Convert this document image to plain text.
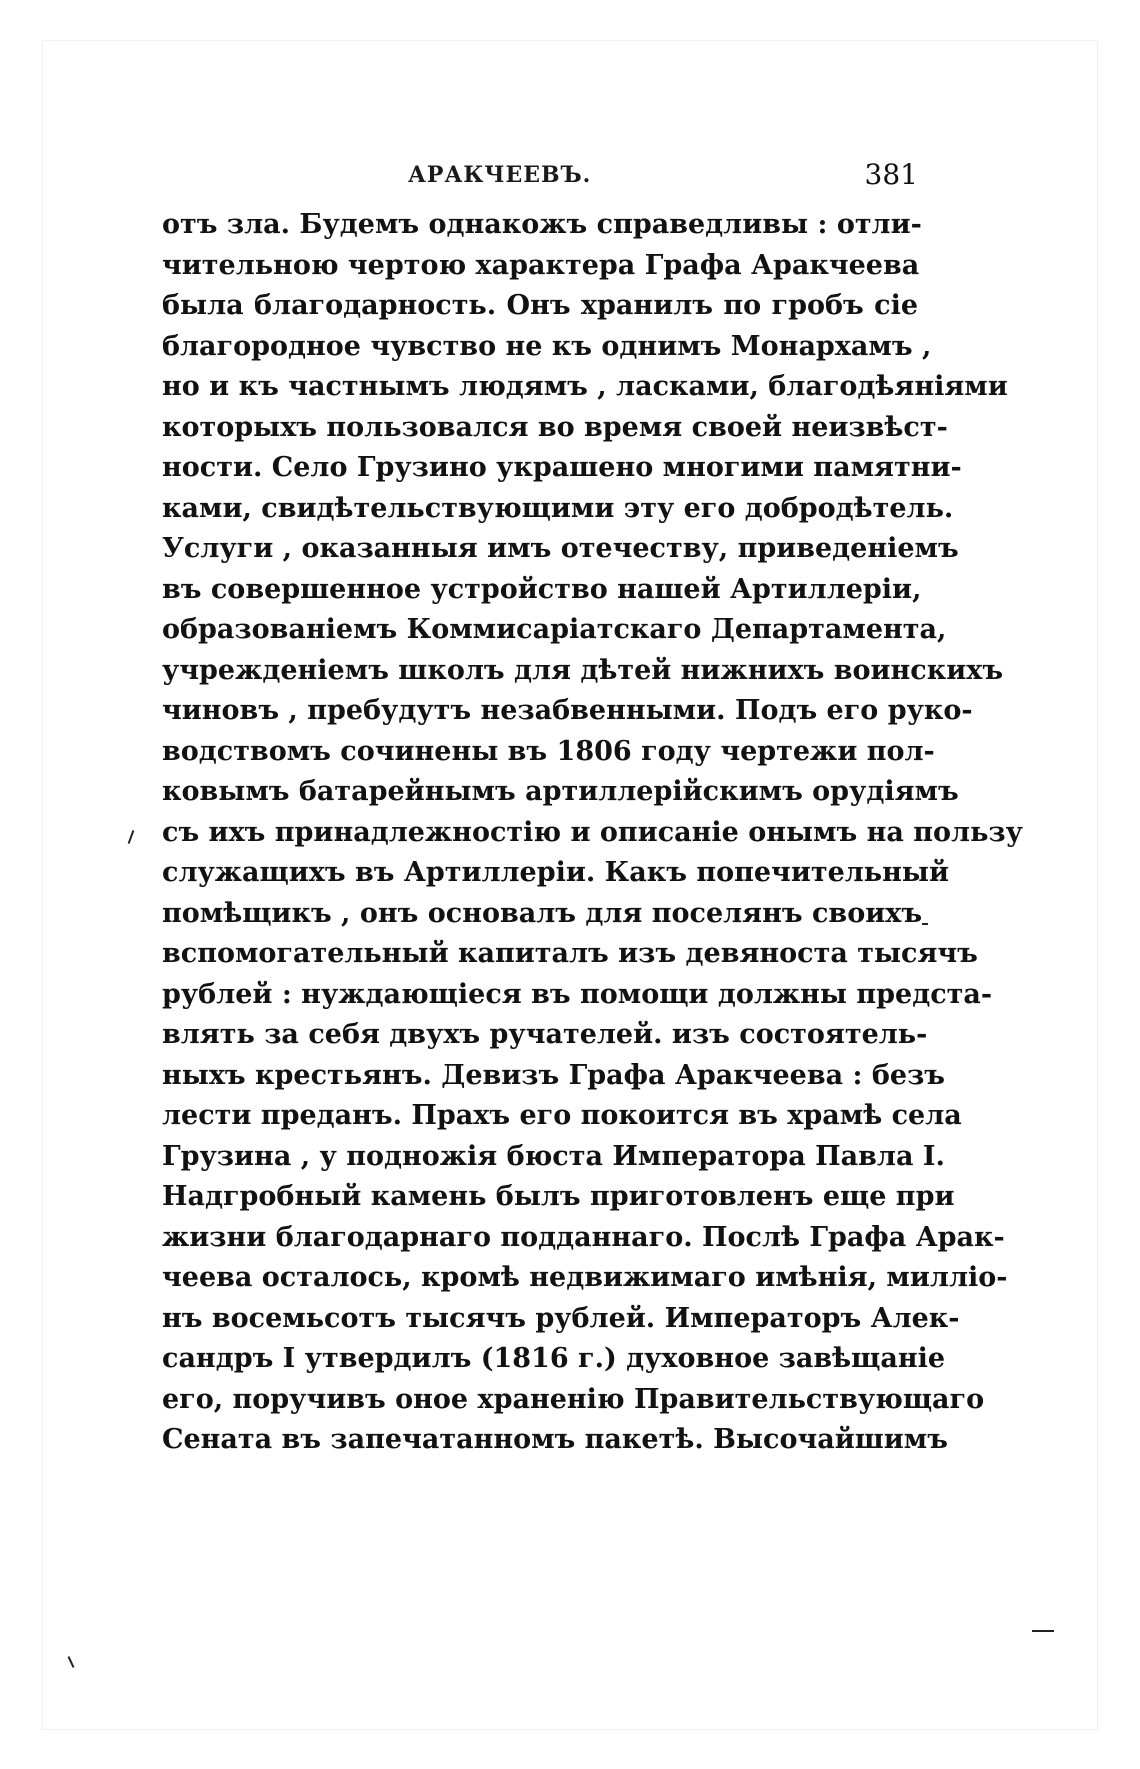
АРАКЧЕЕВЪ.	381
отъ зла. Будемъ однакожъ справедливы : отли-
чительною чертою характера Графа Аракчеева
была благодарность. Онъ хранилъ по гробъ сіе
благородное чувство не къ однимъ Монархамъ ,
но и къ частнымъ людямъ , ласками, благодѣяніями
которыхъ пользовался во время своей неизвѣст-
ности. Село Грузино украшено многими памятни-
ками, свидѣтельствующими эту его добродѣтель.
Услуги , оказанныя имъ отечеству, приведеніемъ
въ совершенное устройство нашей Артиллеріи,
образованіемъ Коммисаріатскаго Департамента,
учрежденіемъ школъ для дѣтей нижнихъ воинскихъ
чиновъ , пребудутъ незабвенными. Подъ его руко-
водствомъ сочинены въ 1806 году чертежи пол-
ковымъ батарейнымъ артиллерійскимъ орудіямъ
съ ихъ принадлежностію и описаніе онымъ на пользу
служащихъ въ Артиллеріи. Какъ попечительный
помѣщикъ , онъ основалъ для поселянъ своихъ
вспомогательный капиталъ изъ девяноста тысячъ
рублей : нуждающіеся въ помощи должны предста-
влять за себя двухъ ручателей. изъ состоятель-
ныхъ крестьянъ. Девизъ Графа Аракчеева : безъ
лести преданъ. Прахъ его покоится въ храмѣ села
Грузина , у подножія бюста Императора Павла I.
Надгробный камень былъ приготовленъ еще при
жизни благодарнаго подданнаго. Послѣ Графа Арак-
чеева осталось, кромѣ недвижимаго имѣнія, милліо-
нъ восемьсотъ тысячъ рублей. Императоръ Алек-
сандръ I утвердилъ (1816 г.) духовное завѣщаніе
его, поручивъ оное храненію Правительствующаго
Сената въ запечатанномъ пакетѣ. Высочайшимъ
